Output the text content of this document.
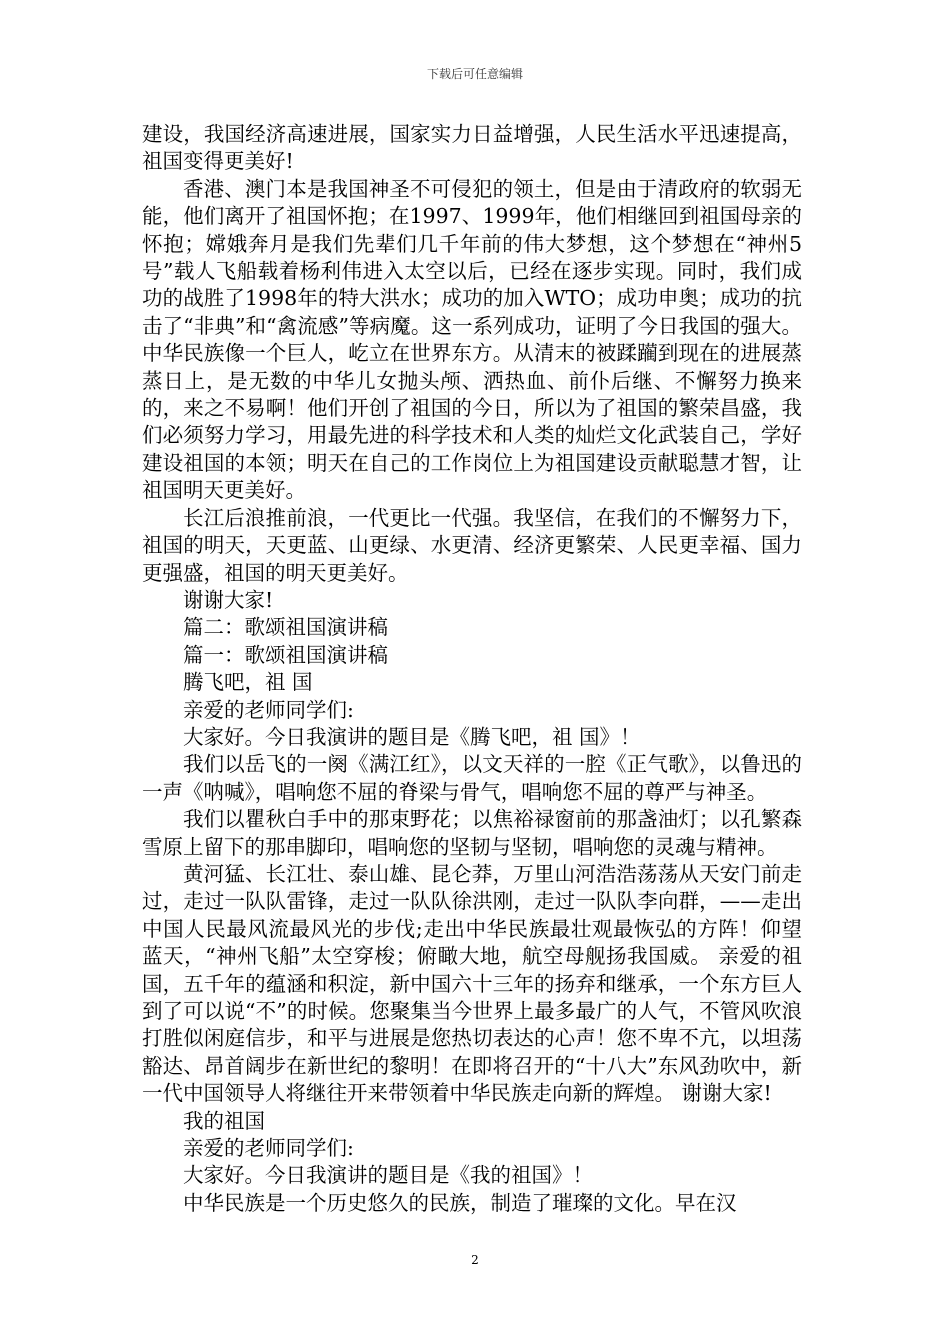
下载后可任意编辑

建设，我国经济高速进展，国家实力日益增强，人民生活水平迅速提高，祖国变得更美好!

香港、澳门本是我国神圣不可侵犯的领土，但是由于清政府的软弱无能，他们离开了祖国怀抱；在1997、1999年，他们相继回到祖国母亲的怀抱；嫦娥奔月是我们先辈们几千年前的伟大梦想，这个梦想在“神州5号”载人飞船载着杨利伟进入太空以后，已经在逐步实现。同时，我们成功的战胜了1998年的特大洪水；成功的加入WTO；成功申奥；成功的抗击了“非典”和“禽流感”等病魔。这一系列成功，证明了今日我国的强大。中华民族像一个巨人，屹立在世界东方。从清末的被蹂躏到现在的进展蒸蒸日上，是无数的中华儿女抛头颅、洒热血、前仆后继、不懈努力换来的，来之不易啊！他们开创了祖国的今日，所以为了祖国的繁荣昌盛，我们必须努力学习，用最先进的科学技术和人类的灿烂文化武装自己，学好建设祖国的本领；明天在自己的工作岗位上为祖国建设贡献聪慧才智，让祖国明天更美好。

长江后浪推前浪，一代更比一代强。我坚信，在我们的不懈努力下，祖国的明天，天更蓝、山更绿、水更清、经济更繁荣、人民更幸福、国力更强盛，祖国的明天更美好。

谢谢大家!

篇二：歌颂祖国演讲稿

篇一：歌颂祖国演讲稿

腾飞吧，祖 国

亲爱的老师同学们:

大家好。今日我演讲的题目是《腾飞吧，祖 国》！

我们以岳飞的一阕《满江红》，以文天祥的一腔《正气歌》，以鲁迅的一声《呐喊》，唱响您不屈的脊梁与骨气，唱响您不屈的尊严与神圣。

我们以瞿秋白手中的那束野花；以焦裕禄窗前的那盏油灯；以孔繁森雪原上留下的那串脚印，唱响您的坚韧与坚韧，唱响您的灵魂与精神。

黄河猛、长江壮、泰山雄、昆仑莽，万里山河浩浩荡荡从天安门前走过，走过一队队雷锋，走过一队队徐洪刚，走过一队队李向群，——走出中国人民最风流最风光的步伐;走出中华民族最壮观最恢弘的方阵！仰望蓝天，“神州飞船”太空穿梭；俯瞰大地，航空母舰扬我国威。 亲爱的祖国，五千年的蕴涵和积淀，新中国六十三年的扬弃和继承，一个东方巨人到了可以说“不”的时候。您聚集当今世界上最多最广的人气，不管风吹浪打胜似闲庭信步，和平与进展是您热切表达的心声！您不卑不亢，以坦荡豁达、昂首阔步在新世纪的黎明！在即将召开的“十八大”东风劲吹中，新一代中国领导人将继往开来带领着中华民族走向新的辉煌。 谢谢大家!

我的祖国

亲爱的老师同学们:

大家好。今日我演讲的题目是《我的祖国》！

中华民族是一个历史悠久的民族，制造了璀璨的文化。早在汉

2
